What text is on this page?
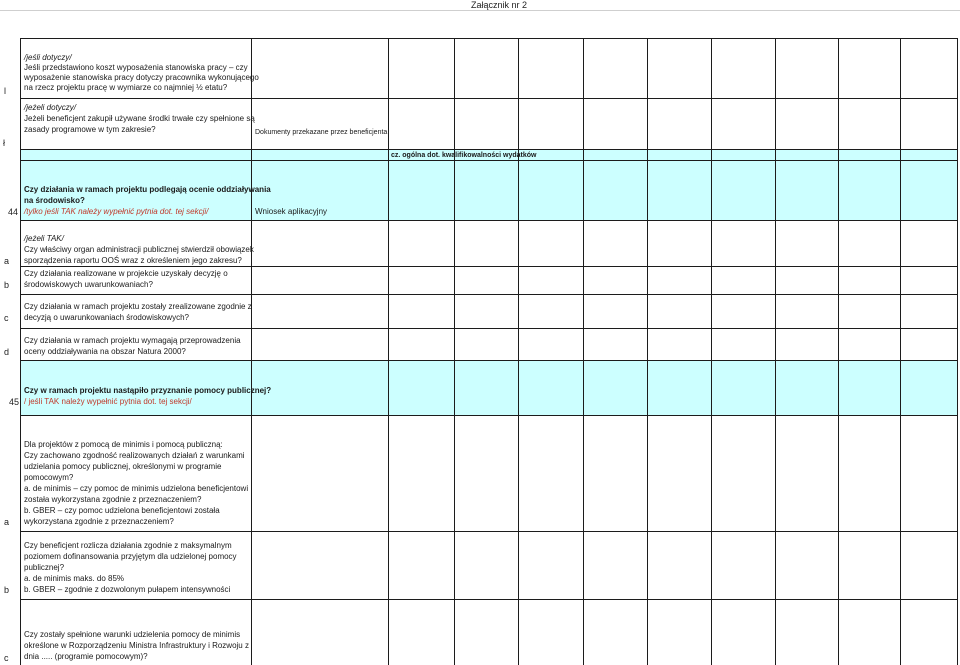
Załącznik nr 2
l
/jeśli dotyczy/
Jeśli przedstawiono koszt wyposażenia stanowiska pracy – czy
wyposażenie stanowiska pracy dotyczy pracownika wykonującego
na rzecz projektu pracę w wymiarze co najmniej ½ etatu?
ł
/jeżeli dotyczy/
Jeżeli beneficjent zakupił używane środki trwałe czy spełnione są
zasady programowe w tym zakresie?	Dokumenty przekazane przez beneficjenta
cz. ogólna dot. kwalifikowalności wydatków
44
Czy działania w ramach projektu podlegają ocenie oddziaływania
na środowisko?
/tylko jeśli TAK należy wypełnić pytnia dot. tej sekcji/	Wniosek aplikacyjny
a
/jeżeli TAK/
Czy właściwy organ administracji publicznej stwierdził obowiązek
sporządzenia raportu OOŚ wraz z określeniem jego zakresu?
b
Czy działania realizowane w projekcie uzyskały decyzję o
środowiskowych uwarunkowaniach?
c
Czy działania w ramach projektu zostały zrealizowane zgodnie z
decyzją o uwarunkowaniach środowiskowych?
d
Czy działania w ramach projektu wymagają przeprowadzenia
oceny oddziaływania na obszar Natura 2000?
45
Czy w ramach projektu nastąpiło przyznanie pomocy publicznej?
/ jeśli TAK należy wypełnić pytnia dot. tej sekcji/
a
Dla projektów z pomocą de minimis i pomocą publiczną:
Czy zachowano zgodność realizowanych działań z warunkami
udzielania pomocy publicznej, określonymi w programie
pomocowym?
a. de minimis – czy pomoc de minimis udzielona beneficjentowi
została wykorzystana zgodnie z przeznaczeniem?
b. GBER – czy pomoc udzielona beneficjentowi została
wykorzystana zgodnie z przeznaczeniem?
b
Czy beneficjent rozlicza działania zgodnie z maksymalnym
poziomem dofinansowania przyjętym dla udzielonej pomocy
publicznej?
a. de minimis maks. do 85%
b. GBER – zgodnie z dozwolonym pułapem intensywności
c
Czy zostały spełnione warunki udzielenia pomocy de minimis
określone w Rozporządzeniu Ministra Infrastruktury i Rozwoju z
dnia ..... (programie pomocowym)?
